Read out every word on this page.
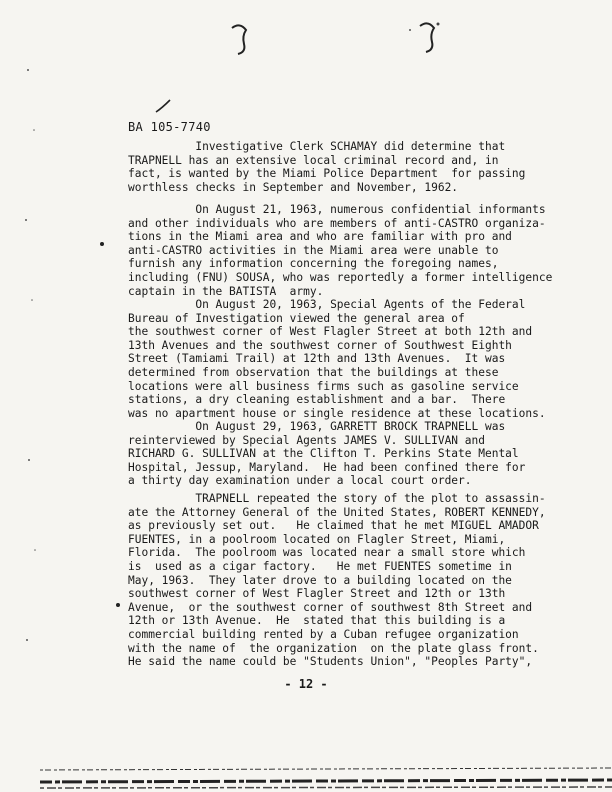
BA 105-7740
Investigative Clerk SCHAMAY did determine that
TRAPNELL has an extensive local criminal record and, in
fact, is wanted by the Miami Police Department  for passing
worthless checks in September and November, 1962.
On August 21, 1963, numerous confidential informants
and other individuals who are members of anti-CASTRO organiza-
tions in the Miami area and who are familiar with pro and
anti-CASTRO activities in the Miami area were unable to
furnish any information concerning the foregoing names,
including (FNU) SOUSA, who was reportedly a former intelligence
captain in the BATISTA  army.
On August 20, 1963, Special Agents of the Federal
Bureau of Investigation viewed the general area of
the southwest corner of West Flagler Street at both 12th and
13th Avenues and the southwest corner of Southwest Eighth
Street (Tamiami Trail) at 12th and 13th Avenues.  It was
determined from observation that the buildings at these
locations were all business firms such as gasoline service
stations, a dry cleaning establishment and a bar.  There
was no apartment house or single residence at these locations.
On August 29, 1963, GARRETT BROCK TRAPNELL was
reinterviewed by Special Agents JAMES V. SULLIVAN and
RICHARD G. SULLIVAN at the Clifton T. Perkins State Mental
Hospital, Jessup, Maryland.  He had been confined there for
a thirty day examination under a local court order.
TRAPNELL repeated the story of the plot to assassin-
ate the Attorney General of the United States, ROBERT KENNEDY,
as previously set out.   He claimed that he met MIGUEL AMADOR
FUENTES, in a poolroom located on Flagler Street, Miami,
Florida.  The poolroom was located near a small store which
is  used as a cigar factory.   He met FUENTES sometime in
May, 1963.  They later drove to a building located on the
southwest corner of West Flagler Street and 12th or 13th
Avenue,  or the southwest corner of southwest 8th Street and
12th or 13th Avenue.  He  stated that this building is a
commercial building rented by a Cuban refugee organization
with the name of  the organization  on the plate glass front.
He said the name could be "Students Union", "Peoples Party",
- 12 -
